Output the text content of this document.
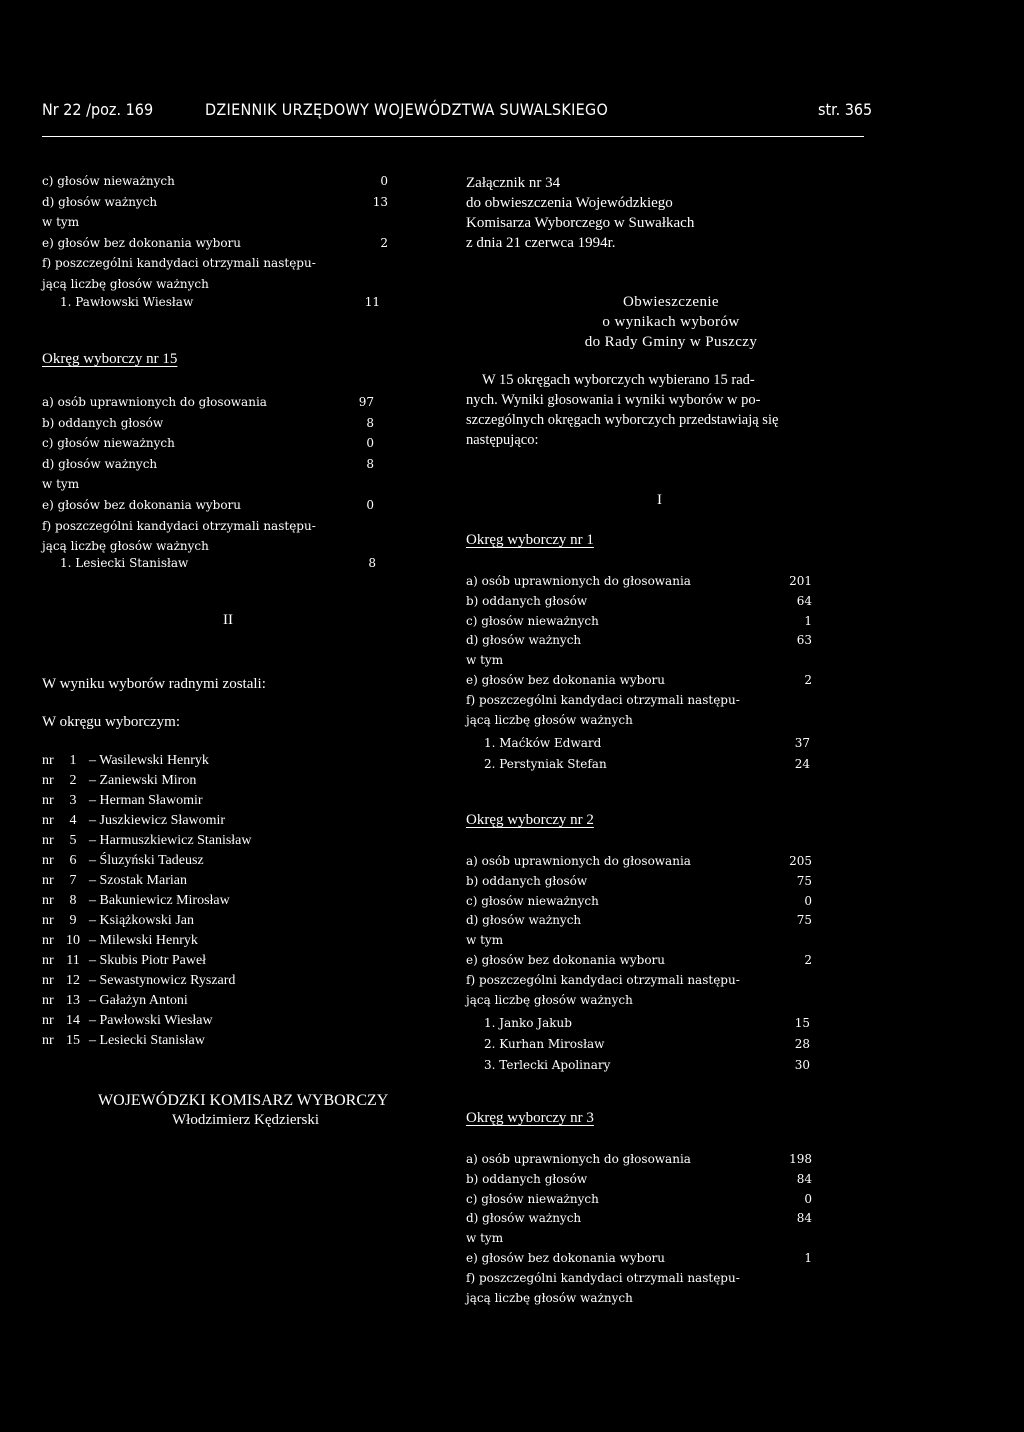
Nr 22 /poz. 169	DZIENNIK URZĘDOWY WOJEWÓDZTWA SUWALSKIEGO	str. 365
c) głosów nieważnych	0
d) głosów ważnych	13
w tym
e) głosów bez dokonania wyboru	2
f) poszczególni kandydaci otrzymali następu-
jącą liczbę głosów ważnych
1. Pawłowski Wiesław	11
Okręg wyborczy nr 15
a) osób uprawnionych do głosowania	97
b) oddanych głosów	8
c) głosów nieważnych	0
d) głosów ważnych	8
w tym
e) głosów bez dokonania wyboru	0
f) poszczególni kandydaci otrzymali następu-
jącą liczbę głosów ważnych
1. Lesiecki Stanisław	8
II
W wyniku wyborów radnymi zostali:
W okręgu wyborczym:
nr	1 – Wasilewski Henryk
nr	2 – Zaniewski Miron
nr	3 – Herman Sławomir
nr	4 – Juszkiewicz Sławomir
nr	5 – Harmuszkiewicz Stanisław
nr	6 – Śluzyński Tadeusz
nr	7 – Szostak Marian
nr	8 – Bakuniewicz Mirosław
nr	9 – Książkowski Jan
nr 10 – Milewski Henryk
nr 11 – Skubis Piotr Paweł
nr 12 – Sewastynowicz Ryszard
nr 13 – Gałażyn Antoni
nr 14 – Pawłowski Wiesław
nr 15 – Lesiecki Stanisław
WOJEWÓDZKI KOMISARZ WYBORCZY
Włodzimierz Kędzierski
Załącznik nr 34
do obwieszczenia Wojewódzkiego
Komisarza Wyborczego w Suwałkach
z dnia 21 czerwca 1994r.
Obwieszczenie
o wynikach wyborów
do Rady Gminy w Puszczy
W 15 okręgach wyborczych wybierano 15 rad-
nych. Wyniki głosowania i wyniki wyborów w po-
szczególnych okręgach wyborczych przedstawiają się
następująco:
I
Okręg wyborczy nr 1
a) osób uprawnionych do głosowania	201
b) oddanych głosów	64
c) głosów nieważnych	1
d) głosów ważnych	63
w tym
e) głosów bez dokonania wyboru	2
f) poszczególni kandydaci otrzymali następu-
jącą liczbę głosów ważnych
1. Maćków Edward	37
2. Perstyniak Stefan	24
Okręg wyborczy nr 2
a) osób uprawnionych do głosowania	205
b) oddanych głosów	75
c) głosów nieważnych	0
d) głosów ważnych	75
w tym
e) głosów bez dokonania wyboru	2
f) poszczególni kandydaci otrzymali następu-
jącą liczbę głosów ważnych
1. Janko Jakub	15
2. Kurhan Mirosław	28
3. Terlecki Apolinary	30
Okręg wyborczy nr 3
a) osób uprawnionych do głosowania	198
b) oddanych głosów	84
c) głosów nieważnych	0
d) głosów ważnych	84
w tym
e) głosów bez dokonania wyboru	1
f) poszczególni kandydaci otrzymali następu-
jącą liczbę głosów ważnych
